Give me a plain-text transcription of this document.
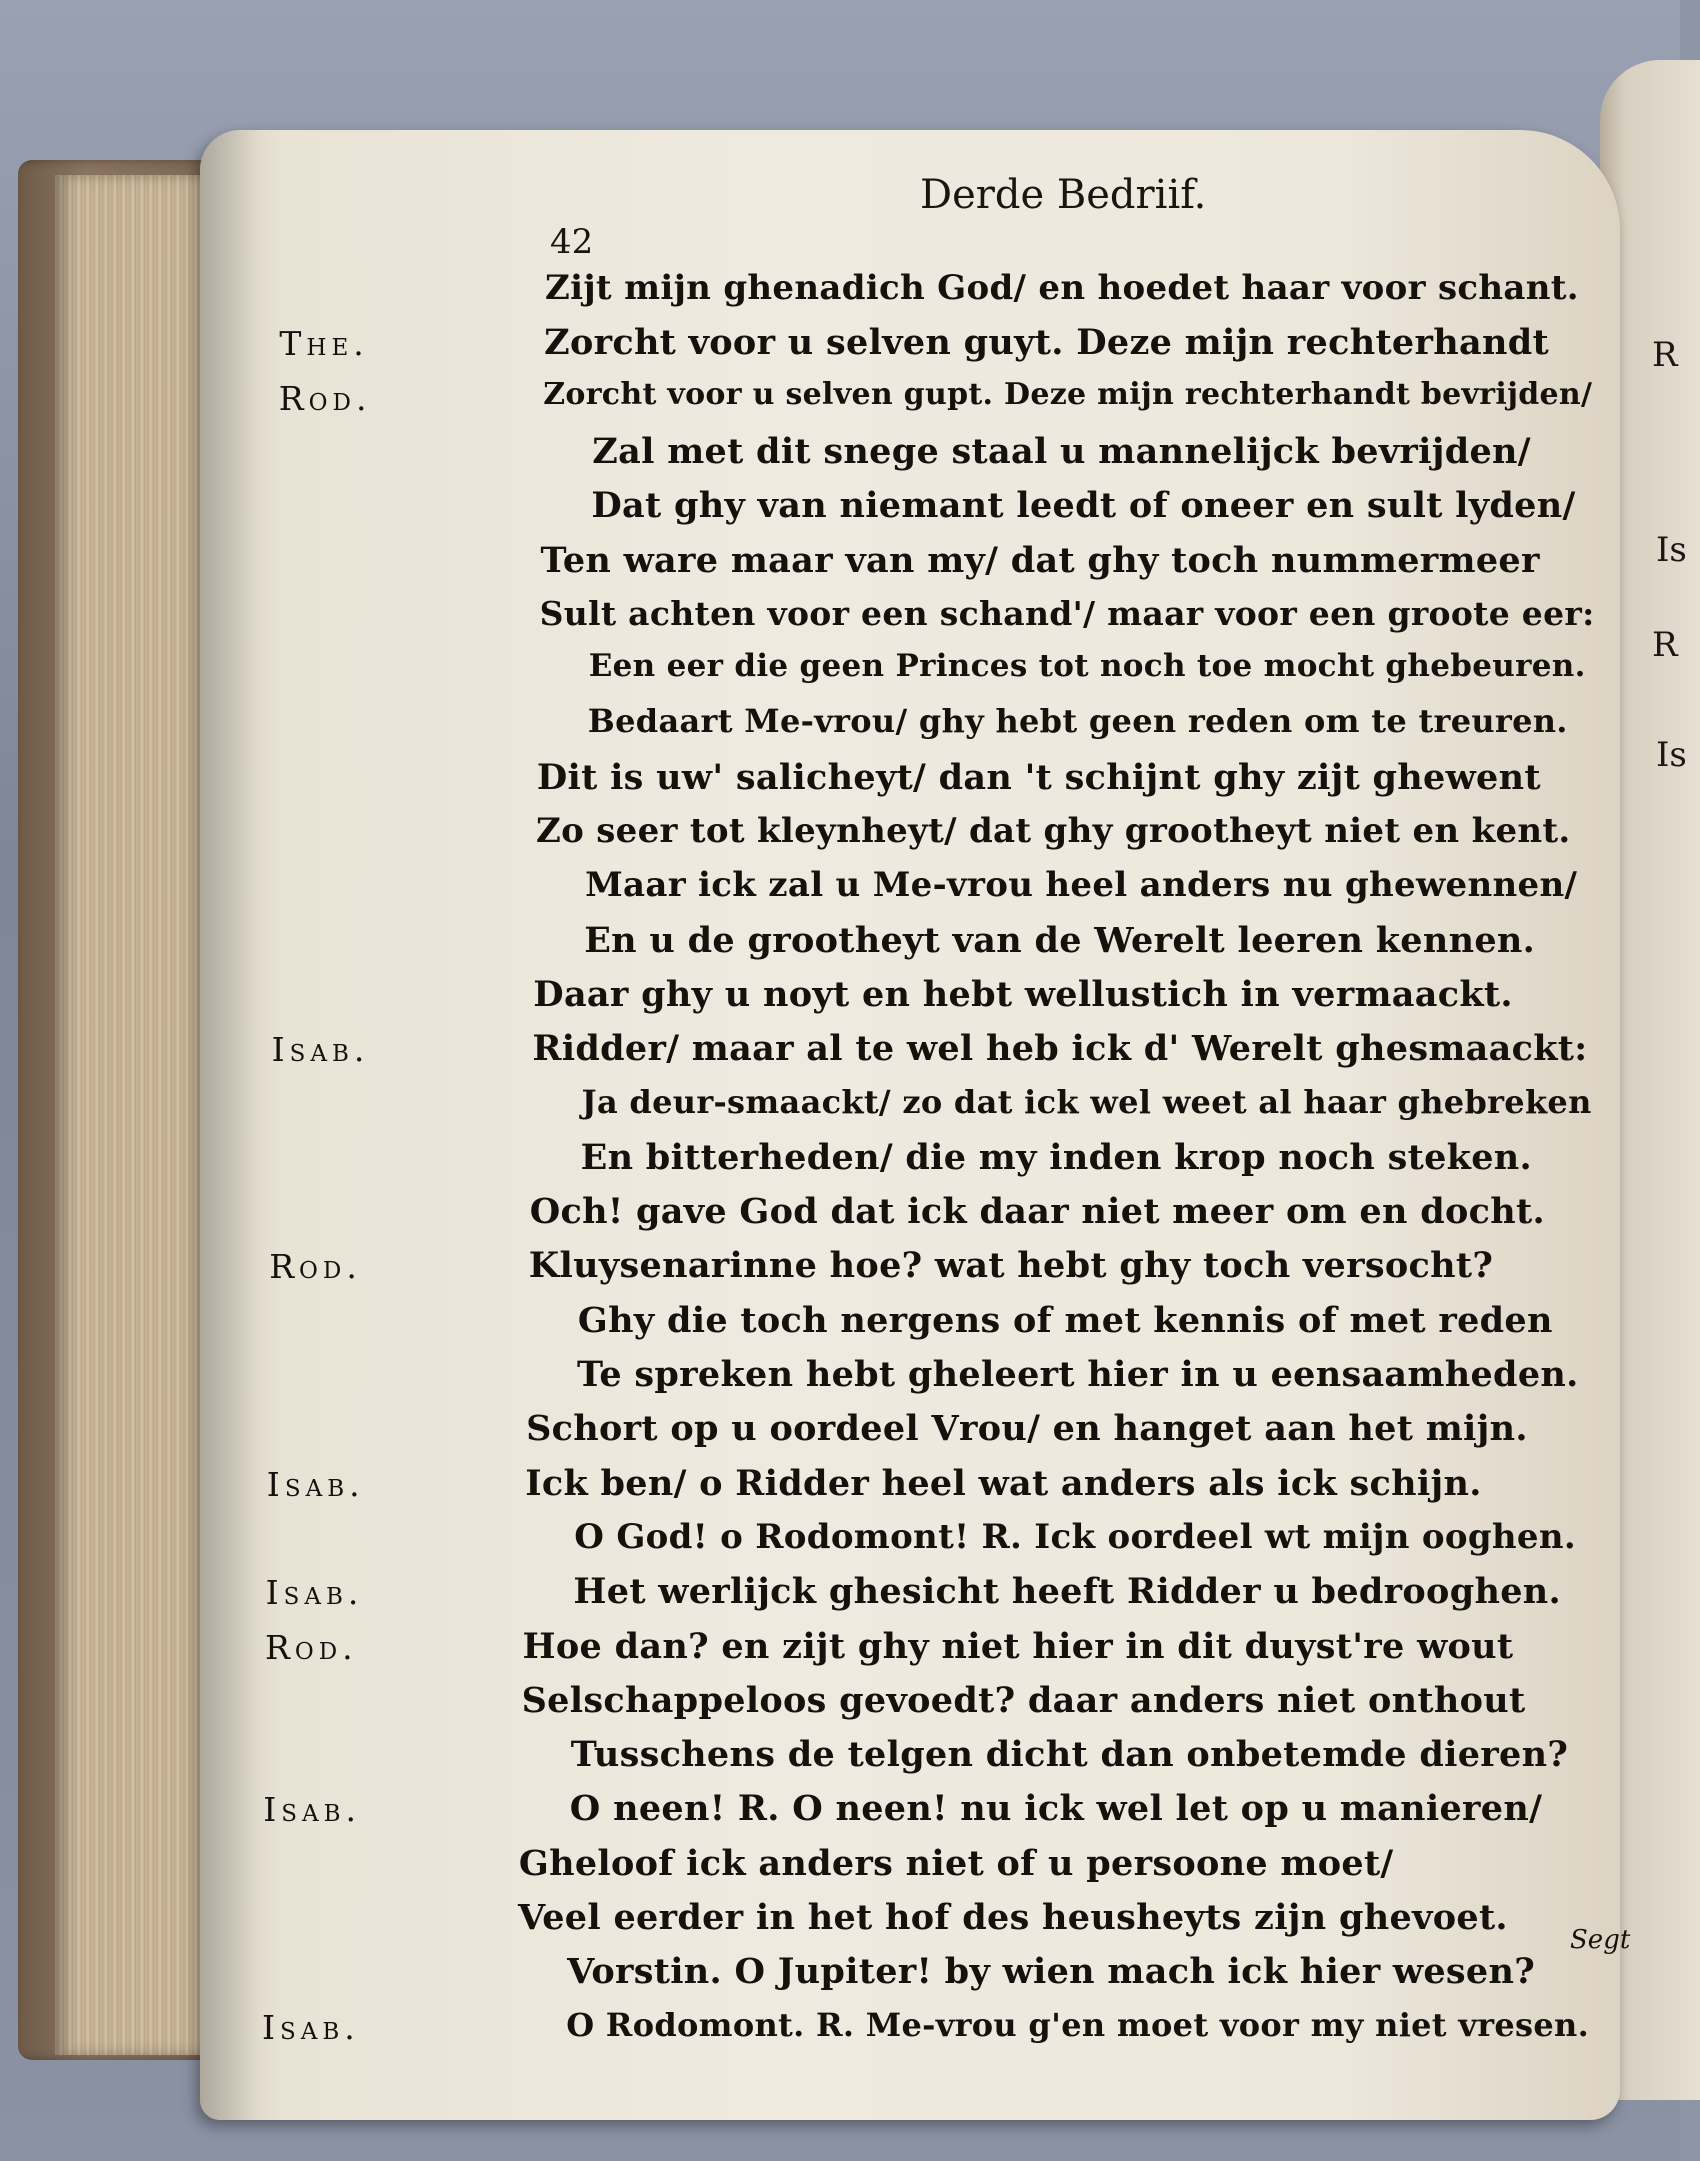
R
Is
R
Is
Derde Bedriif.
42
Zijt mijn ghenadich God/ en hoedet haar voor schant.
The.	Zorcht voor u selven guyt. Deze mijn rechterhandt
Rod.	Zorcht voor u selven gupt. Deze mijn rechterhandt bevrijden/
Zal met dit snege staal u mannelijck bevrijden/
Dat ghy van niemant leedt of oneer en sult lyden/
Ten ware maar van my/ dat ghy toch nummermeer
Sult achten voor een schand'/ maar voor een groote eer:
Een eer die geen Princes tot noch toe mocht ghebeuren.
Bedaart Me-vrou/ ghy hebt geen reden om te treuren.
Dit is uw' salicheyt/ dan 't schijnt ghy zijt ghewent
Zo seer tot kleynheyt/ dat ghy grootheyt niet en kent.
Maar ick zal u Me-vrou heel anders nu ghewennen/
En u de grootheyt van de Werelt leeren kennen.
Daar ghy u noyt en hebt wellustich in vermaackt.
Isab.	Ridder/ maar al te wel heb ick d' Werelt ghesmaackt:
Ja deur-smaackt/ zo dat ick wel weet al haar ghebreken
En bitterheden/ die my inden krop noch steken.
Och! gave God dat ick daar niet meer om en docht.
Rod.	Kluysenarinne hoe? wat hebt ghy toch versocht?
Ghy die toch nergens of met kennis of met reden
Te spreken hebt gheleert hier in u eensaamheden.
Schort op u oordeel Vrou/ en hanget aan het mijn.
Isab.	Ick ben/ o Ridder heel wat anders als ick schijn.
O God! o Rodomont! R. Ick oordeel wt mijn ooghen.
Isab.	Het werlijck ghesicht heeft Ridder u bedrooghen.
Rod.	Hoe dan? en zijt ghy niet hier in dit duyst're wout
Selschappeloos gevoedt? daar anders niet onthout
Tusschens de telgen dicht dan onbetemde dieren?
Isab.	O neen! R. O neen! nu ick wel let op u manieren/
Gheloof ick anders niet of u persoone moet/
Veel eerder in het hof des heusheyts zijn ghevoet.
Vorstin. O Jupiter! by wien mach ick hier wesen?
Isab.	O Rodomont. R. Me-vrou g'en moet voor my niet vresen.
Segt
